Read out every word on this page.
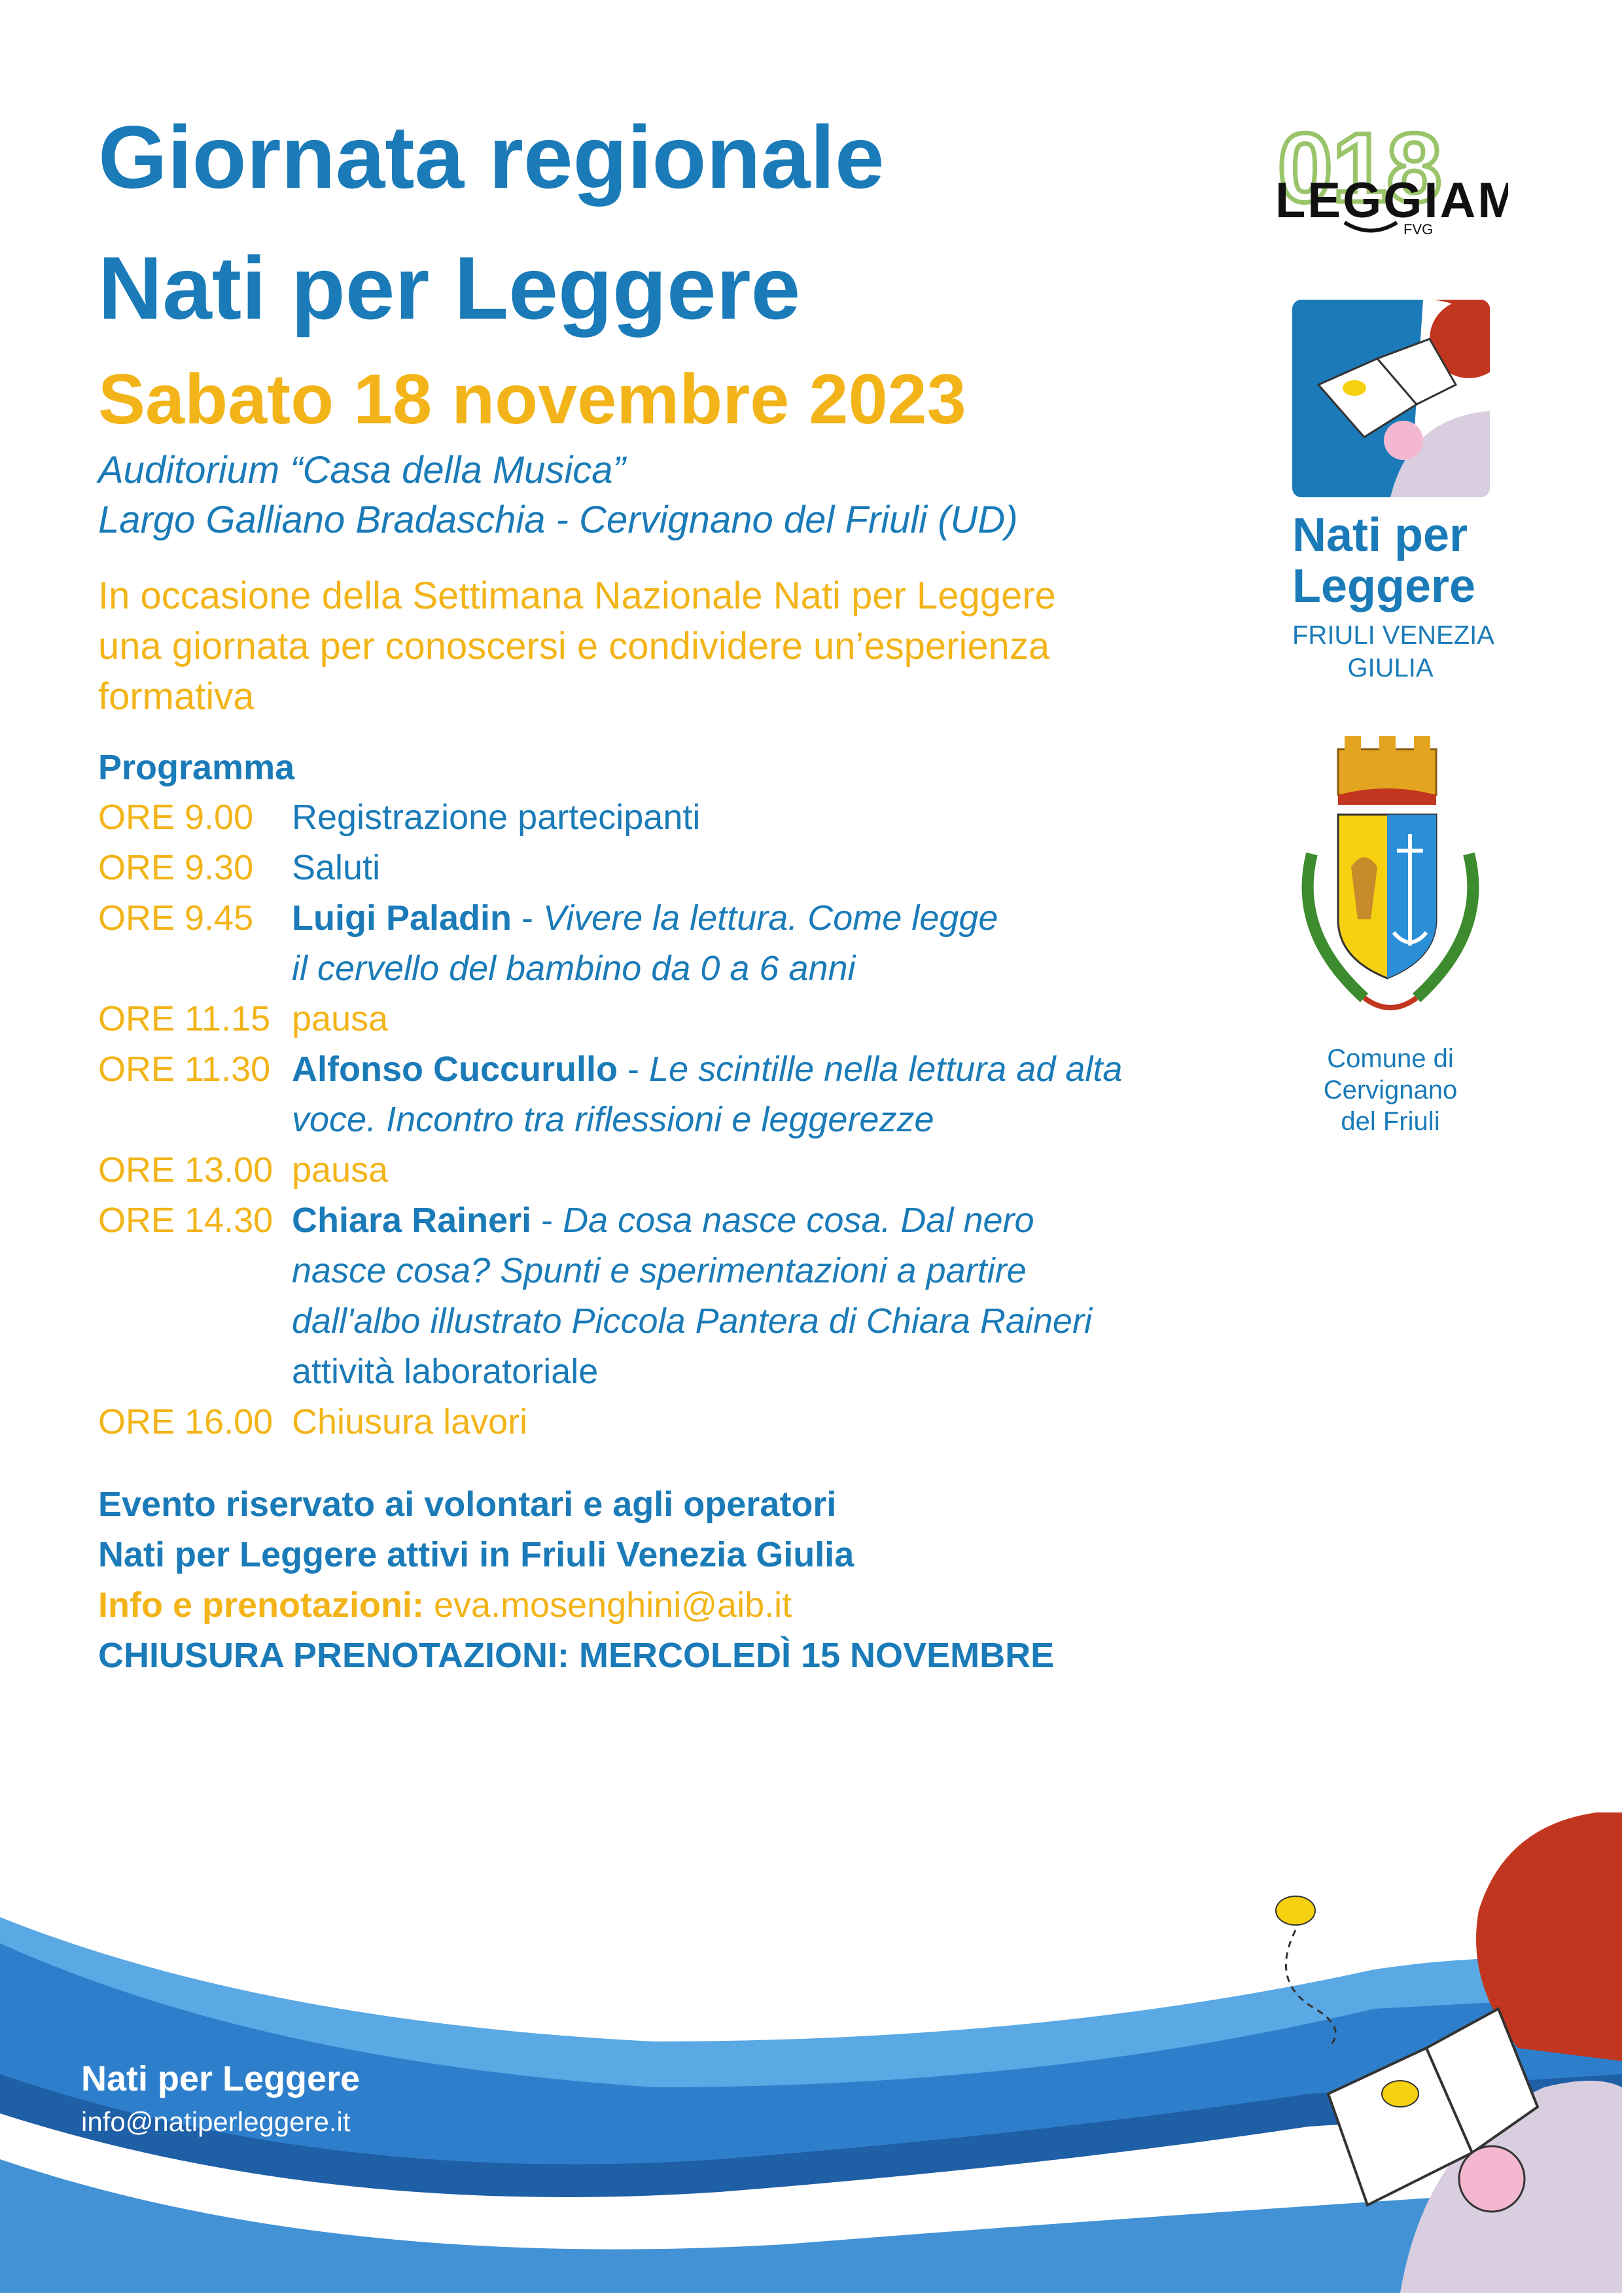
Giornata regionale
Nati per Leggere
Sabato 18 novembre 2023
Auditorium “Casa della Musica”
Largo Galliano Bradaschia - Cervignano del Friuli (UD)
In occasione della Settimana Nazionale Nati per Leggere
una giornata per conoscersi e condividere un’esperienza
formativa
Programma
ORE 9.00 Registrazione partecipanti
ORE 9.30 Saluti
ORE 9.45 Luigi Paladin - Vivere la lettura. Come legge
il cervello del bambino da 0 a 6 anni
ORE 11.15 pausa
ORE 11.30 Alfonso Cuccurullo - Le scintille nella lettura ad alta
voce. Incontro tra riflessioni e leggerezze
ORE 13.00 pausa
ORE 14.30 Chiara Raineri - Da cosa nasce cosa. Dal nero
nasce cosa? Spunti e sperimentazioni a partire
dall'albo illustrato Piccola Pantera di Chiara Raineri
attività laboratoriale
ORE 16.00 Chiusura lavori
Evento riservato ai volontari e agli operatori
Nati per Leggere attivi in Friuli Venezia Giulia
Info e prenotazioni: eva.mosenghini@aib.it
CHIUSURA PRENOTAZIONI: MERCOLEDÌ 15 NOVEMBRE
018
LEGGIAM
FVG
Nati per
Leggere
FRIULI VENEZIA
GIULIA
Comune di
Cervignano
del Friuli
Nati per Leggere
info@natiperleggere.it
